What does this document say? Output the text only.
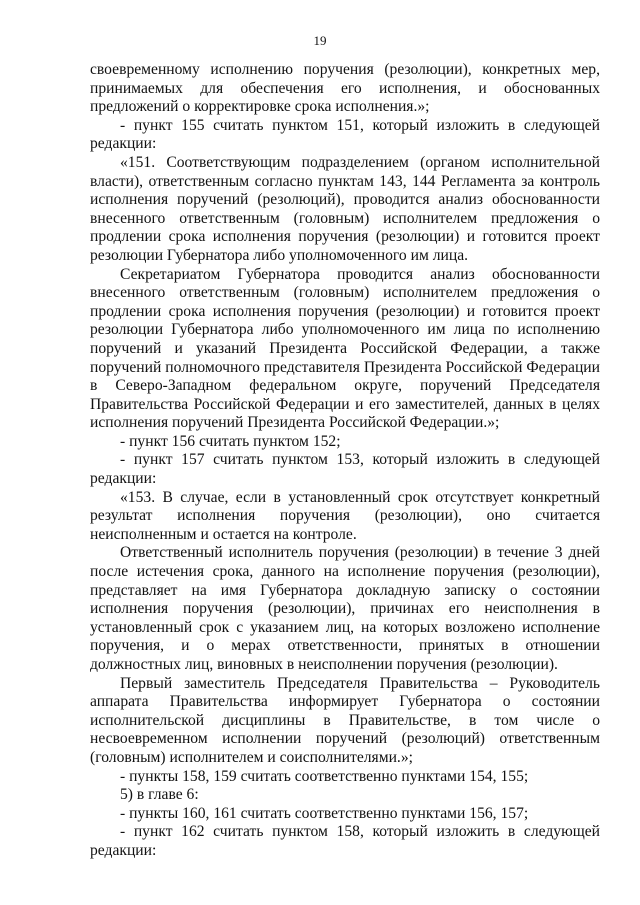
19

своевременному исполнению поручения (резолюции), конкретных мер, принимаемых для обеспечения его исполнения, и обоснованных предложений о корректировке срока исполнения.»;

- пункт 155 считать пунктом 151, который изложить в следующей редакции:

«151. Соответствующим подразделением (органом исполнительной власти), ответственным согласно пунктам 143, 144 Регламента за контроль исполнения поручений (резолюций), проводится анализ обоснованности внесенного ответственным (головным) исполнителем предложения о продлении срока исполнения поручения (резолюции) и готовится проект резолюции Губернатора либо уполномоченного им лица.

Секретариатом Губернатора проводится анализ обоснованности внесенного ответственным (головным) исполнителем предложения о продлении срока исполнения поручения (резолюции) и готовится проект резолюции Губернатора либо уполномоченного им лица по исполнению поручений и указаний Президента Российской Федерации, а также поручений полномочного представителя Президента Российской Федерации в Северо-Западном федеральном округе, поручений Председателя Правительства Российской Федерации и его заместителей, данных в целях исполнения поручений Президента Российской Федерации.»;

- пункт 156 считать пунктом 152;

- пункт 157 считать пунктом 153, который изложить в следующей редакции:

«153. В случае, если в установленный срок отсутствует конкретный результат исполнения поручения (резолюции), оно считается неисполненным и остается на контроле.

Ответственный исполнитель поручения (резолюции) в течение 3 дней после истечения срока, данного на исполнение поручения (резолюции), представляет на имя Губернатора докладную записку о состоянии исполнения поручения (резолюции), причинах его неисполнения в установленный срок с указанием лиц, на которых возложено исполнение поручения, и о мерах ответственности, принятых в отношении должностных лиц, виновных в неисполнении поручения (резолюции).

Первый заместитель Председателя Правительства – Руководитель аппарата Правительства информирует Губернатора о состоянии исполнительской дисциплины в Правительстве, в том числе о несвоевременном исполнении поручений (резолюций) ответственным (головным) исполнителем и соисполнителями.»;

- пункты 158, 159 считать соответственно пунктами 154, 155;

5) в главе 6:

- пункты 160, 161 считать соответственно пунктами 156, 157;

- пункт 162 считать пунктом 158, который изложить в следующей редакции:
